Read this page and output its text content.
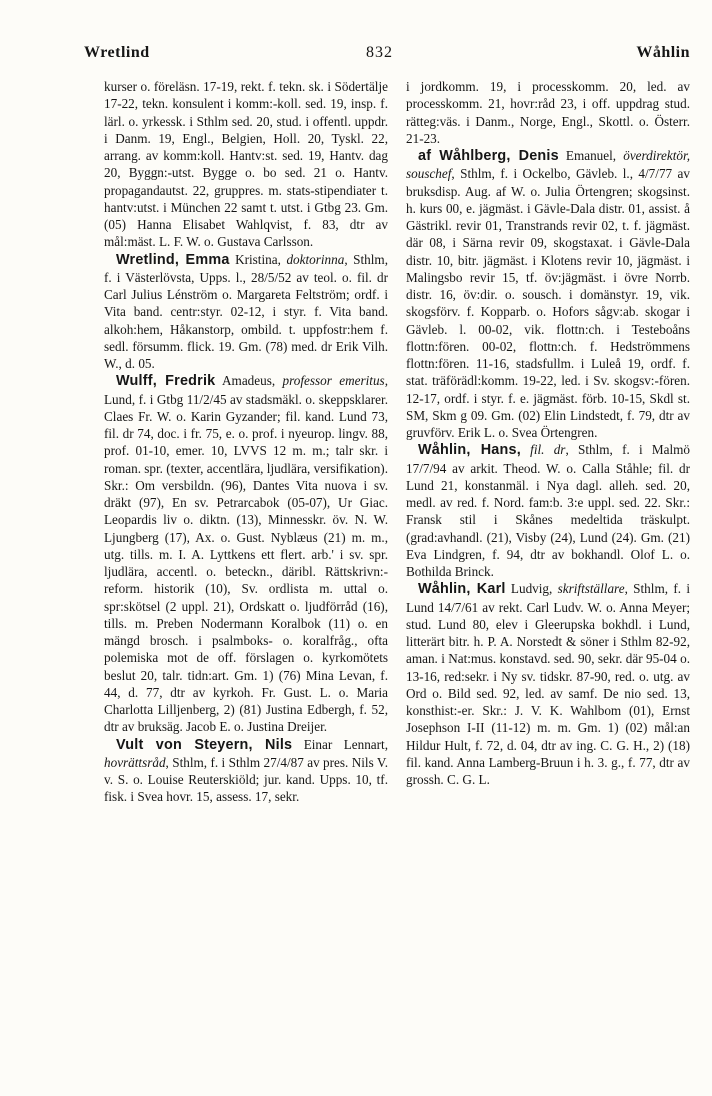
Wretlind	832	Wåhlin

kurser o. föreläsn. 17-19, rekt. f. tekn. sk. i Södertälje 17-22, tekn. konsulent i komm:-koll. sed. 19, insp. f. lärl. o. yrkessk. i Sthlm sed. 20, stud. i offentl. uppdr. i Danm. 19, Engl., Belgien, Holl. 20, Tyskl. 22, arrang. av komm:koll. Hantv:st. sed. 19, Hantv. dag 20, Byggn:-utst. Bygge o. bo sed. 21 o. Hantv. propagandautst. 22, gruppres. m. stats-stipendiater t. hantv:utst. i München 22 samt t. utst. i Gtbg 23. Gm. (05) Hanna Elisabet Wahlqvist, f. 83, dtr av mål:mäst. L. F. W. o. Gustava Carlsson.

Wretlind, Emma Kristina, doktorinna, Sthlm, f. i Västerlövsta, Upps. l., 28/5/52 av teol. o. fil. dr Carl Julius Lénström o. Margareta Feltström; ordf. i Vita band. centr:styr. 02-12, i styr. f. Vita band. alkoh:hem, Håkanstorp, ombild. t. uppfostr:hem f. sedl. försumm. flick. 19. Gm. (78) med. dr Erik Vilh. W., d. 05.

Wulff, Fredrik Amadeus, professor emeritus, Lund, f. i Gtbg 11/2/45 av stadsmäkl. o. skeppsklarer. Claes Fr. W. o. Karin Gyzander; fil. kand. Lund 73, fil. dr 74, doc. i fr. 75, e. o. prof. i nyeurop. lingv. 88, prof. 01-10, emer. 10, LVVS 12 m. m.; talr skr. i roman. spr. (texter, accentlära, ljudlära, versifikation). Skr.: Om versbildn. (96), Dantes Vita nuova i sv. dräkt (97), En sv. Petrarcabok (05-07), Ur Giac. Leopardis liv o. diktn. (13), Minnesskr. öv. N. W. Ljungberg (17), Ax. o. Gust. Nyblæus (21) m. m., utg. tills. m. I. A. Lyttkens ett flert. arb.' i sv. spr. ljudlära, accentl. o. beteckn., däribl. Rättskrivn:-reform. historik (10), Sv. ordlista m. uttal o. spr:skötsel (2 uppl. 21), Ordskatt o. ljudförråd (16), tills. m. Preben Nodermann Koralbok (11) o. en mängd brosch. i psalmboks- o. koralfråg., ofta polemiska mot de off. förslagen o. kyrkomötets beslut 20, talr. tidn:art. Gm. 1) (76) Mina Levan, f. 44, d. 77, dtr av kyrkoh. Fr. Gust. L. o. Maria Charlotta Lilljenberg, 2) (81) Justina Edbergh, f. 52, dtr av bruksäg. Jacob E. o. Justina Dreijer.

Vult von Steyern, Nils Einar Lennart, hovrättsråd, Sthlm, f. i Sthlm 27/4/87 av pres. Nils V. v. S. o. Louise Reuterskiöld; jur. kand. Upps. 10, tf. fisk. i Svea hovr. 15, assess. 17, sekr.

i jordkomm. 19, i processkomm. 20, led. av processkomm. 21, hovr:råd 23, i off. uppdrag stud. rätteg:väs. i Danm., Norge, Engl., Skottl. o. Österr. 21-23.

af Wåhlberg, Denis Emanuel, överdirektör, souschef, Sthlm, f. i Ockelbo, Gävleb. l., 4/7/77 av bruksdisp. Aug. af W. o. Julia Örtengren; skogsinst. h. kurs 00, e. jägmäst. i Gävle-Dala distr. 01, assist. å Gästrikl. revir 01, Transtrands revir 02, t. f. jägmäst. där 08, i Särna revir 09, skogstaxat. i Gävle-Dala distr. 10, bitr. jägmäst. i Klotens revir 10, jägmäst. i Malingsbo revir 15, tf. öv:jägmäst. i övre Norrb. distr. 16, öv:dir. o. sousch. i domänstyr. 19, vik. skogsförv. f. Kopparb. o. Hofors sågv:ab. skogar i Gävleb. l. 00-02, vik. flottn:ch. i Testeboåns flottn:fören. 00-02, flottn:ch. f. Hedströmmens flottn:fören. 11-16, stadsfullm. i Luleå 19, ordf. f. stat. träförädl:komm. 19-22, led. i Sv. skogsv:-fören. 12-17, ordf. i styr. f. e. jägmäst. förb. 10-15, Skdl st. SM, Skm g 09. Gm. (02) Elin Lindstedt, f. 79, dtr av gruvförv. Erik L. o. Svea Örtengren.

Wåhlin, Hans, fil. dr, Sthlm, f. i Malmö 17/7/94 av arkit. Theod. W. o. Calla Ståhle; fil. dr Lund 21, konstanmäl. i Nya dagl. alleh. sed. 20, medl. av red. f. Nord. fam:b. 3:e uppl. sed. 22. Skr.: Fransk stil i Skånes medeltida träskulpt. (grad:avhandl. (21), Visby (24), Lund (24). Gm. (21) Eva Lindgren, f. 94, dtr av bokhandl. Olof L. o. Bothilda Brinck.

Wåhlin, Karl Ludvig, skriftställare, Sthlm, f. i Lund 14/7/61 av rekt. Carl Ludv. W. o. Anna Meyer; stud. Lund 80, elev i Gleerupska bokhdl. i Lund, litterärt bitr. h. P. A. Norstedt & söner i Sthlm 82-92, aman. i Nat:mus. konstavd. sed. 90, sekr. där 95-04 o. 13-16, red:sekr. i Ny sv. tidskr. 87-90, red. o. utg. av Ord o. Bild sed. 92, led. av samf. De nio sed. 13, konsthist:-er. Skr.: J. V. K. Wahlbom (01), Ernst Josephson I-II (11-12) m. m. Gm. 1) (02) mål:an Hildur Hult, f. 72, d. 04, dtr av ing. C. G. H., 2) (18) fil. kand. Anna Lamberg-Bruun i h. 3. g., f. 77, dtr av grossh. C. G. L.
